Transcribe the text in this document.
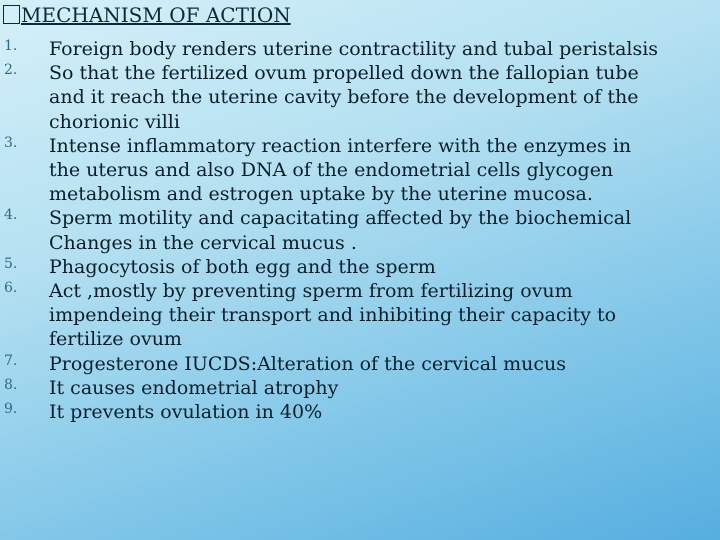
MECHANISM OF ACTION
1. Foreign body renders uterine contractility and tubal peristalsis
2. So that the fertilized ovum propelled down the fallopian tube
and it reach the uterine cavity before the development of the
chorionic villi
3. Intense inflammatory reaction interfere with the enzymes in
the uterus and also DNA of the endometrial cells glycogen
metabolism and estrogen uptake by the uterine mucosa.
4. Sperm motility and capacitating affected by the biochemical
Changes in the cervical mucus .
5. Phagocytosis of both egg and the sperm
6. Act ,mostly by preventing sperm from fertilizing ovum
impendeing their transport and inhibiting their capacity to
fertilize ovum
7. Progesterone IUCDS:Alteration of the cervical mucus
8. It causes endometrial atrophy
9. It prevents ovulation in 40%
